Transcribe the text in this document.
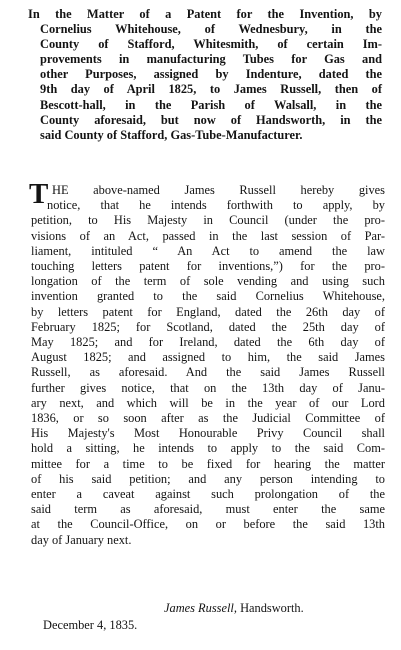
In the Matter of a Patent for the Invention, by
Cornelius Whitehouse, of Wednesbury, in the
County of Stafford, Whitesmith, of certain Im-
provements in manufacturing Tubes for Gas and
other Purposes, assigned by Indenture, dated the
9th day of April 1825, to James Russell, then of
Bescott-hall, in the Parish of Walsall, in the
County aforesaid, but now of Handsworth, in the
said County of Stafford, Gas-Tube-Manufacturer.

T HE above-named James Russell hereby gives
notice, that he intends forthwith to apply, by
petition, to His Majesty in Council (under the pro-
visions of an Act, passed in the last session of Par-
liament, intituled “ An Act to amend the law
touching letters patent for inventions,”) for the pro-
longation of the term of sole vending and using such
invention granted to the said Cornelius Whitehouse,
by letters patent for England, dated the 26th day of
February 1825; for Scotland, dated the 25th day of
May 1825; and for Ireland, dated the 6th day of
August 1825; and assigned to him, the said James
Russell, as aforesaid. And the said James Russell
further gives notice, that on the 13th day of Janu-
ary next, and which will be in the year of our Lord
1836, or so soon after as the Judicial Committee of
His Majesty's Most Honourable Privy Council shall
hold a sitting, he intends to apply to the said Com-
mittee for a time to be fixed for hearing the matter
of his said petition; and any person intending to
enter a caveat against such prolongation of the
said term as aforesaid, must enter the same
at the Council-Office, on or before the said 13th
day of January next.

James Russell, Handsworth.
December 4, 1835.
